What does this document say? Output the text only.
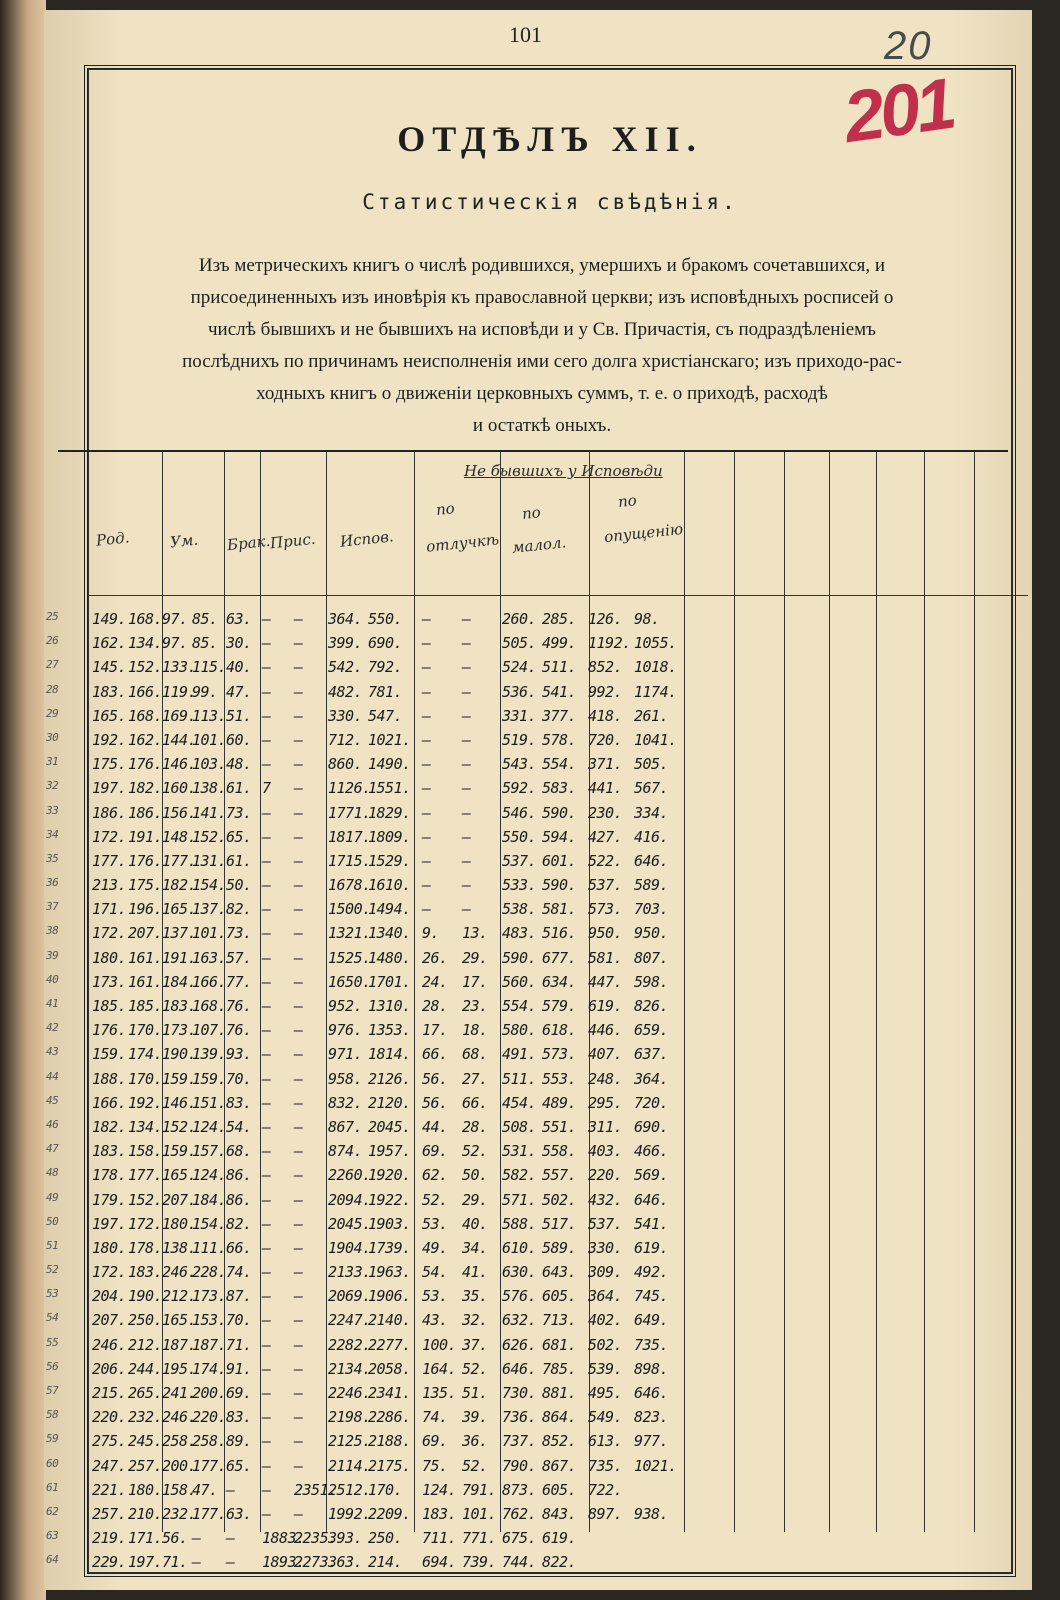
101	20
201
ОТДѢЛЪ XII.
Статистическія свѣдѣнія.
Изъ метрическихъ книгъ о числѣ родившихся, умершихъ и бракомъ сочетавшихся, и
присоединенныхъ изъ иновѣрія къ православной церкви; изъ исповѣдныхъ росписей о
числѣ бывшихъ и не бывшихъ на исповѣди и у Св. Причастія, съ подраздѣленіемъ
послѣднихъ по причинамъ неисполненія ими сего долга христіанскаго; изъ приходо-рас-
ходныхъ книгъ о движеніи церковныхъ суммъ, т. е. о приходѣ, расходѣ
и остаткѣ оныхъ.
Не бывшихъ у Исповѣди
Род.	Ум. Брак.
Прис. Испов.
по
отлучкѣ
по
малол.
по
опущенію
25 149. 168. 97. 85. 63. — — 364. 550. — — 260. 285. 126. 98.
26 162. 134. 97. 85. 30. — — 399. 690. — — 505. 499. 1192. 1055.
27 145. 152. 133.
115. 40. — — 542. 792. — — 524. 511. 852. 1018.
28 183. 166. 119.
99. 47. — — 482. 781. — — 536. 541. 992. 1174.
29 165. 168. 169.
113. 51. — — 330. 547. — — 331. 377. 418. 261.
30 192. 162. 144.
101. 60. — — 712. 1021. — — 519. 578. 720. 1041.
31 175. 176. 146.
103. 48. — — 860. 1490. — — 543. 554. 371. 505.
32 197. 182. 160.
138. 61. 7 — 1126.
1551. — — 592. 583. 441. 567.
33 186. 186. 156.
141. 73. — — 1771.
1829. — — 546. 590. 230. 334.
34 172. 191. 148.
152. 65. — — 1817.
1809. — — 550. 594. 427. 416.
35 177. 176. 177.
131. 61. — — 1715.
1529. — — 537. 601. 522. 646.
36 213. 175. 182.
154. 50. — — 1678.
1610. — — 533. 590. 537. 589.
37 171. 196. 165.
137. 82. — — 1500.
1494. — — 538. 581. 573. 703.
38 172. 207. 137.
101. 73. — — 1321.
1340. 9. 13. 483. 516. 950. 950.
39 180. 161. 191.
163. 57. — — 1525.
1480. 26. 29. 590. 677. 581. 807.
40 173. 161. 184.
166. 77. — — 1650.
1701. 24. 17. 560. 634. 447. 598.
41 185. 185. 183.
168. 76. — — 952. 1310. 28. 23. 554. 579. 619. 826.
42 176. 170. 173.
107. 76. — — 976. 1353. 17. 18. 580. 618. 446. 659.
43 159. 174. 190.
139. 93. — — 971. 1814. 66. 68. 491. 573. 407. 637.
44 188. 170. 159.
159. 70. — — 958. 2126. 56. 27. 511. 553. 248. 364.
45 166. 192. 146.
151. 83. — — 832. 2120. 56. 66. 454. 489. 295. 720.
46 182. 134. 152.
124. 54. — — 867. 2045. 44. 28. 508. 551. 311. 690.
47 183. 158. 159.
157. 68. — — 874. 1957. 69. 52. 531. 558. 403. 466.
48 178. 177. 165.
124. 86. — — 2260.
1920. 62. 50. 582. 557. 220. 569.
49 179. 152. 207.
184. 86. — — 2094.
1922. 52. 29. 571. 502. 432. 646.
50 197. 172. 180.
154. 82. — — 2045.
1903. 53. 40. 588. 517. 537. 541.
51 180. 178. 138.
111. 66. — — 1904.
1739. 49. 34. 610. 589. 330. 619.
52 172. 183. 246.
228. 74. — — 2133.
1963. 54. 41. 630. 643. 309. 492.
53 204. 190. 212.
173. 87. — — 2069.
1906. 53. 35. 576. 605. 364. 745.
54 207. 250. 165.
153. 70. — — 2247.
2140. 43. 32. 632. 713. 402. 649.
55 246. 212. 187.
187. 71. — — 2282.
2277. 100. 37. 626. 681. 502. 735.
56 206. 244. 195.
174. 91. — — 2134.
2058. 164. 52. 646. 785. 539. 898.
57 215. 265. 241.
200. 69. — — 2246.
2341. 135. 51. 730. 881. 495. 646.
58 220. 232. 246.
220. 83. — — 2198.
2286. 74. 39. 736. 864. 549. 823.
59 275. 245. 258.
258. 89. — — 2125.
2188. 69. 36. 737. 852. 613. 977.
60 247. 257. 200.
177. 65. — — 2114.
2175. 75. 52. 790. 867. 735. 1021.
61 221. 180. 158.
47. — — 2351.
2512.
170. 124. 791. 873. 605. 722.
62 257. 210. 232.
177. 63. — — 1992.
2209. 183. 101. 762. 843. 897. 938.
63 219. 171. 56. — — 1883.
2235.
393. 250. 711. 771. 675. 619.
64 229. 197. 71. — — 1893.
2273.
363. 214. 694. 739. 744. 822.
